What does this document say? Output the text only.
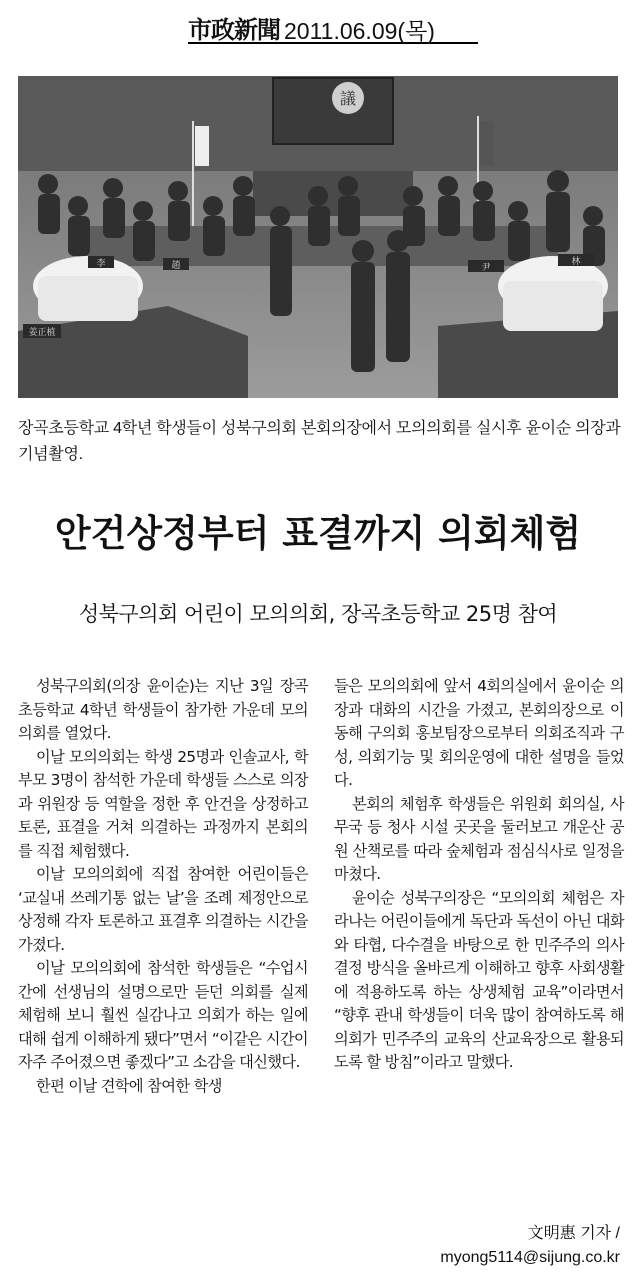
市政新聞 2011.06.09(목)
議
姜正植
李	趙	尹
林
장곡초등학교 4학년 학생들이 성북구의회 본회의장에서 모의의회를 실시후 윤이순 의장과 기념촬영.
안건상정부터 표결까지 의회체험
성북구의회 어린이 모의의회, 장곡초등학교 25명 참여

성북구의회(의장 윤이순)는 지난 3일 장곡초등학교 4학년 학생들이 참가한 가운데 모의의회를 열었다.

이날 모의의회는 학생 25명과 인솔교사, 학부모 3명이 참석한 가운데 학생들 스스로 의장과 위원장 등 역할을 정한 후 안건을 상정하고 토론, 표결을 거쳐 의결하는 과정까지 본회의를 직접 체험했다.

이날 모의의회에 직접 참여한 어린이들은 ‘교실내 쓰레기통 없는 날’을 조례 제정안으로 상정해 각자 토론하고 표결후 의결하는 시간을 가졌다.

이날 모의의회에 참석한 학생들은 “수업시간에 선생님의 설명으로만 듣던 의회를 실제 체험해 보니 훨씬 실감나고 의회가 하는 일에 대해 쉽게 이해하게 됐다”면서 “이같은 시간이 자주 주어졌으면 좋겠다”고 소감을 대신했다.

한편 이날 견학에 참여한 학생

들은 모의의회에 앞서 4회의실에서 윤이순 의장과 대화의 시간을 가졌고, 본회의장으로 이동해 구의회 홍보팀장으로부터 의회조직과 구성, 의회기능 및 회의운영에 대한 설명을 들었다.

본회의 체험후 학생들은 위원회 회의실, 사무국 등 청사 시설 곳곳을 둘러보고 개운산 공원 산책로를 따라 숲체험과 점심식사로 일정을 마쳤다.

윤이순 성북구의장은 “모의의회 체험은 자라나는 어린이들에게 독단과 독선이 아닌 대화와 타협, 다수결을 바탕으로 한 민주주의 의사결정 방식을 올바르게 이해하고 향후 사회생활에 적용하도록 하는 상생체험 교육”이라면서 “향후 관내 학생들이 더욱 많이 참여하도록 해 의회가 민주주의 교육의 산교육장으로 활용되도록 할 방침”이라고 말했다.

文明惠 기자 /
myong5114@sijung.co.kr
